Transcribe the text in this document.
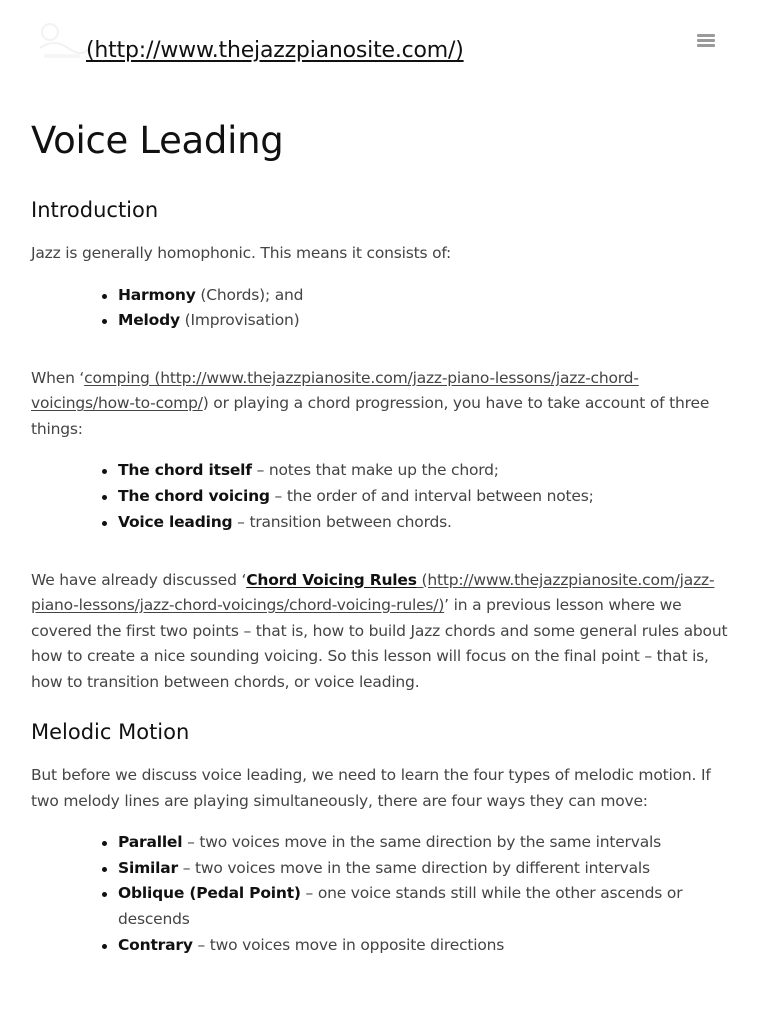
(http://www.thejazzpianosite.com/)
Voice Leading
Introduction

Jazz is generally homophonic. This means it consists of:

Harmony (Chords); and
Melody (Improvisation)

When ‘comping (http://www.thejazzpianosite.com/jazz-piano-lessons/jazz-chord-voicings/how-to-comp/) or playing a chord progression, you have to take account of three things:

The chord itself – notes that make up the chord;
The chord voicing – the order of and interval between notes;
Voice leading – transition between chords.

We have already discussed ‘Chord Voicing Rules (http://www.thejazzpianosite.com/jazz-piano-lessons/jazz-chord-voicings/chord-voicing-rules/)’ in a previous lesson where we covered the first two points – that is, how to build Jazz chords and some general rules about how to create a nice sounding voicing. So this lesson will focus on the final point – that is, how to transition between chords, or voice leading.

Melodic Motion

But before we discuss voice leading, we need to learn the four types of melodic motion. If two melody lines are playing simultaneously, there are four ways they can move:

Parallel – two voices move in the same direction by the same intervals
Similar – two voices move in the same direction by different intervals
Oblique (Pedal Point) – one voice stands still while the other ascends or descends
Contrary – two voices move in opposite directions
